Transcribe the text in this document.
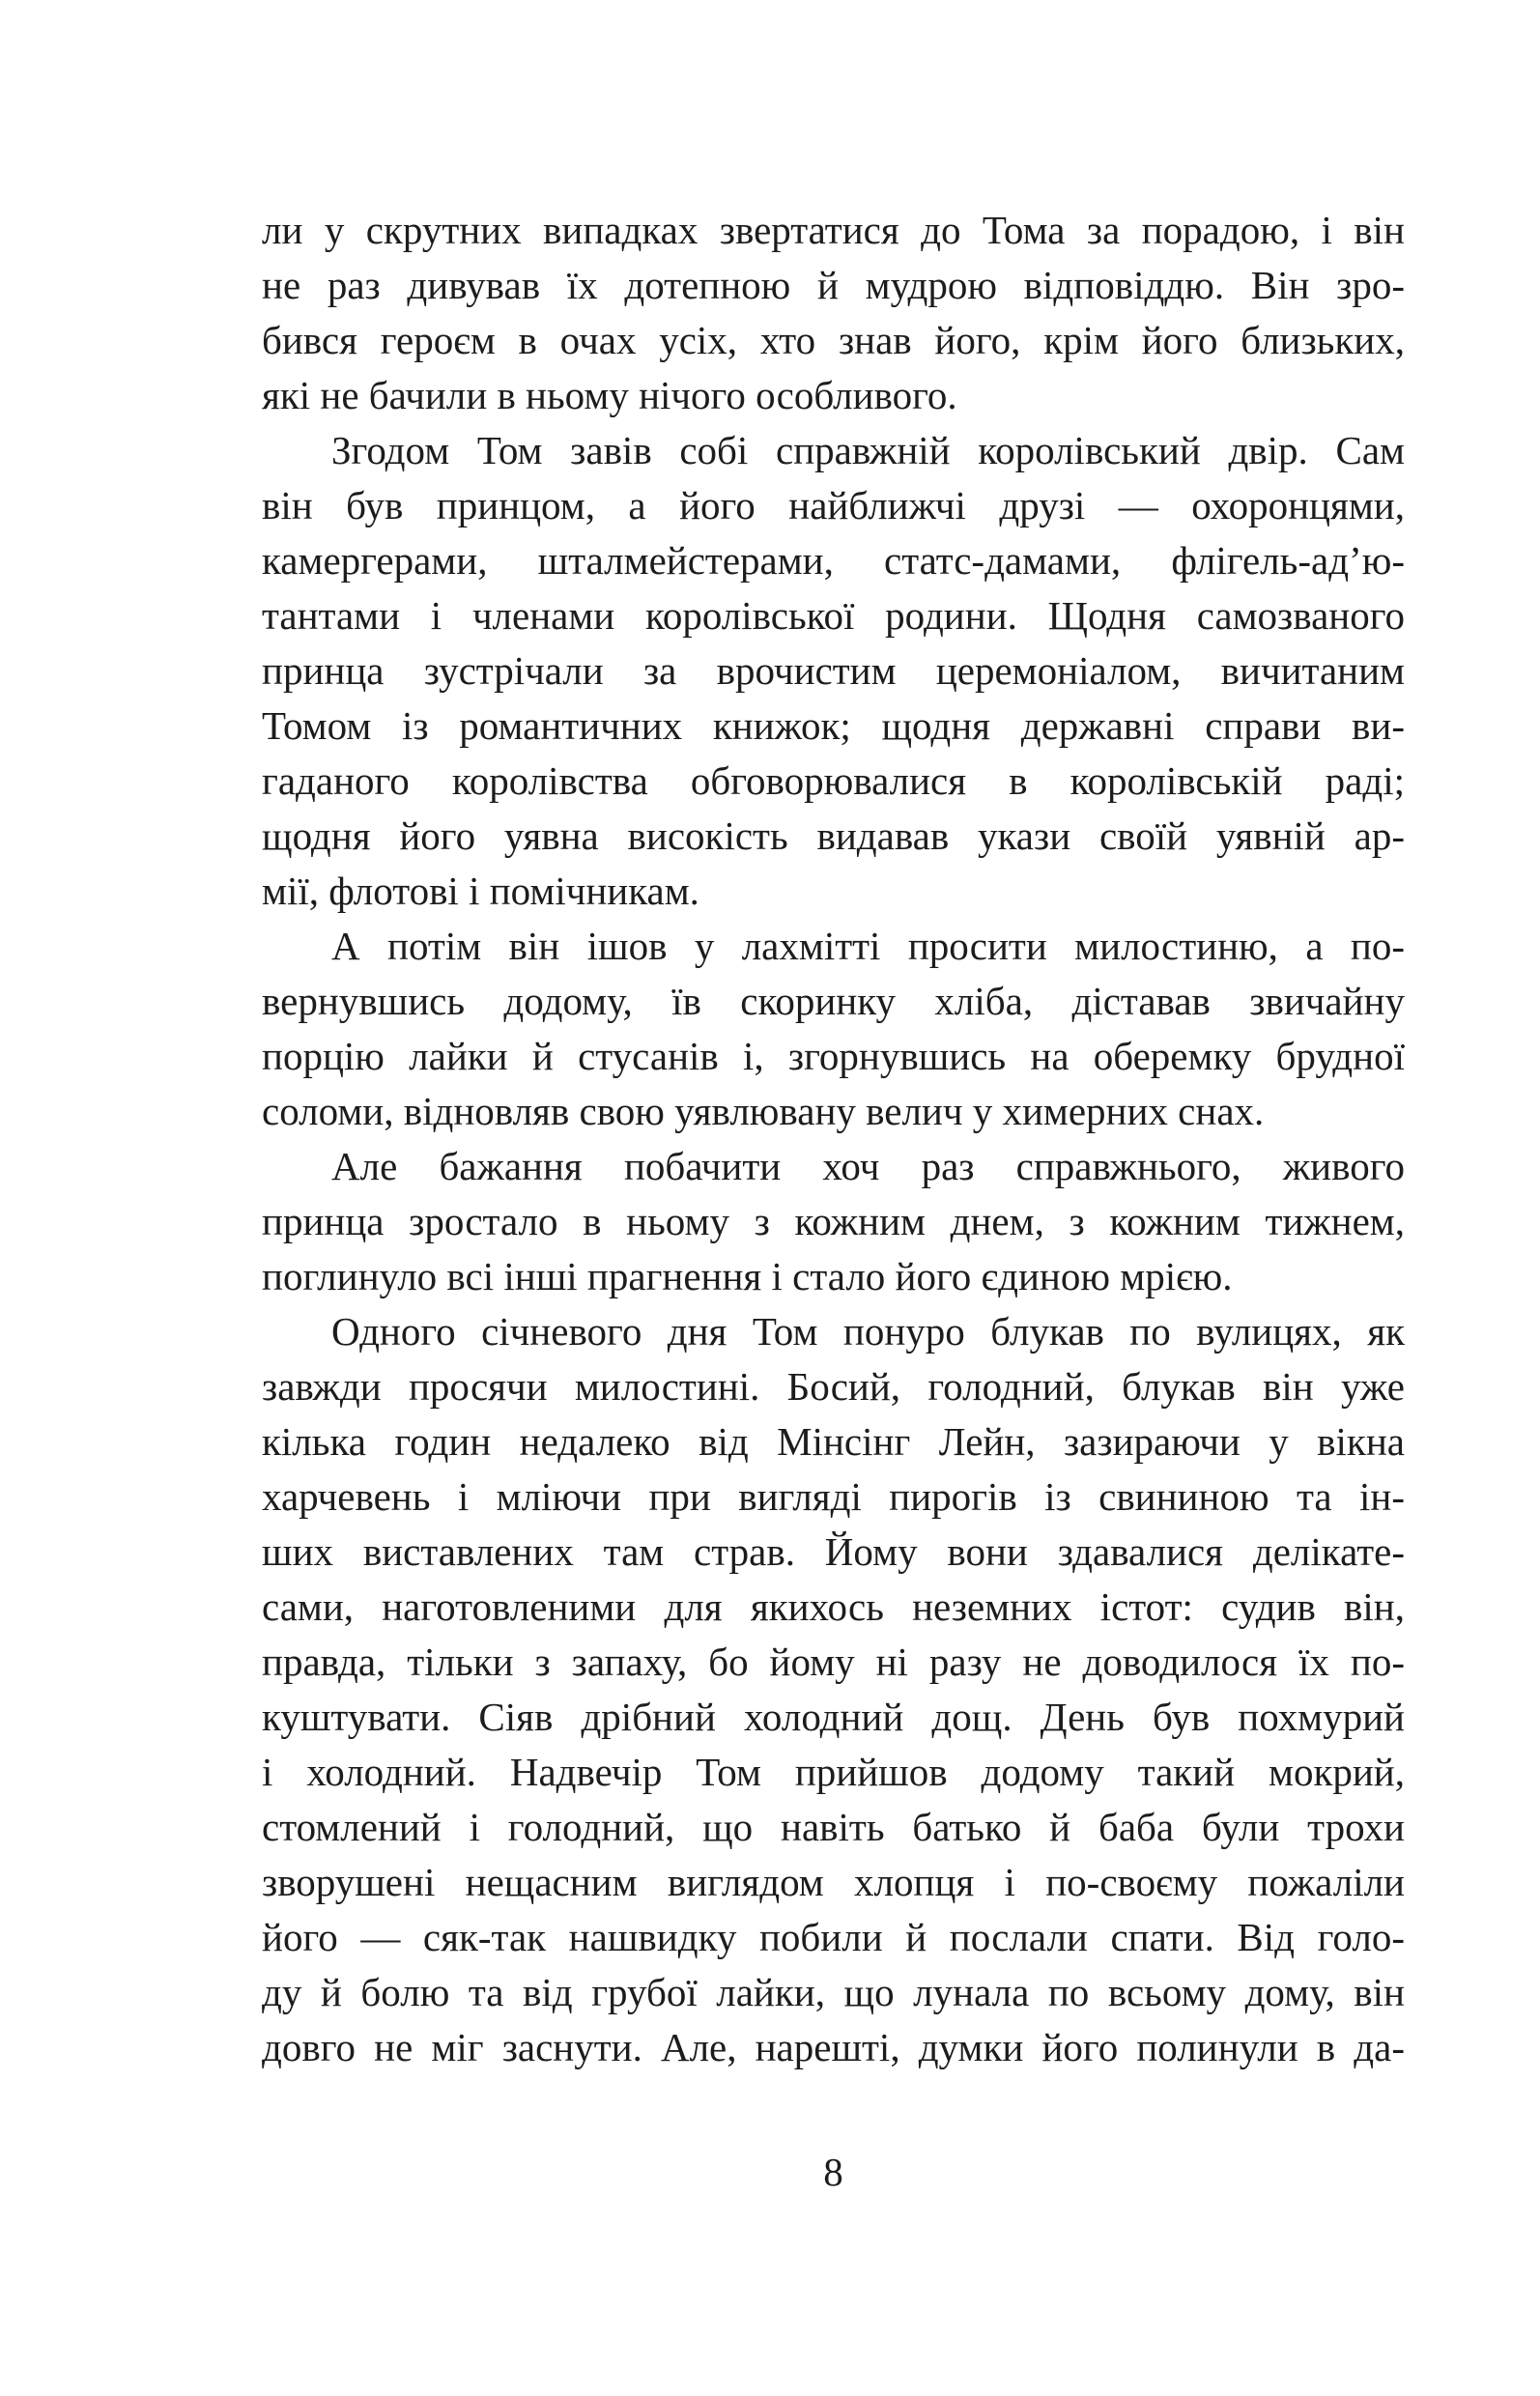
ли у скрутних випадках звертатися до Тома за порадою, і він
не раз дивував їх дотепною й мудрою відповіддю. Він зро-
бився героєм в очах усіх, хто знав його, крім його близьких,
які не бачили в ньому нічого особливого.
Згодом Том завів собі справжній королівський двір. Сам
він був принцом, а його найближчі друзі — охоронцями,
камергерами, шталмейстерами, статс-дамами, флігель-ад’ю-
тантами і членами королівської родини. Щодня самозваного
принца зустрічали за врочистим церемоніалом, вичитаним
Томом із романтичних книжок; щодня державні справи ви-
гаданого королівства обговорювалися в королівській раді;
щодня його уявна високість видавав укази своїй уявній ар-
мії, флотові і помічникам.
А потім він ішов у лахмітті просити милостиню, а по-
вернувшись додому, їв скоринку хліба, діставав звичайну
порцію лайки й стусанів і, згорнувшись на оберемку брудної
соломи, відновляв свою уявлювану велич у химерних снах.
Але бажання побачити хоч раз справжнього, живого
принца зростало в ньому з кожним днем, з кожним тижнем,
поглинуло всі інші прагнення і стало його єдиною мрією.
Одного січневого дня Том понуро блукав по вулицях, як
завжди просячи милостині. Босий, голодний, блукав він уже
кілька годин недалеко від Мінсінг Лейн, зазираючи у вікна
харчевень і мліючи при вигляді пирогів із свининою та ін-
ших виставлених там страв. Йому вони здавалися делікате-
сами, наготовленими для якихось неземних істот: судив він,
правда, тільки з запаху, бо йому ні разу не доводилося їх по-
куштувати. Сіяв дрібний холодний дощ. День був похмурий
і холодний. Надвечір Том прийшов додому такий мокрий,
стомлений і голодний, що навіть батько й баба були трохи
зворушені нещасним виглядом хлопця і по-своєму пожаліли
його — сяк-так нашвидку побили й послали спати. Від голо-
ду й болю та від грубої лайки, що лунала по всьому дому, він
довго не міг заснути. Але, нарешті, думки його полинули в да-
8
